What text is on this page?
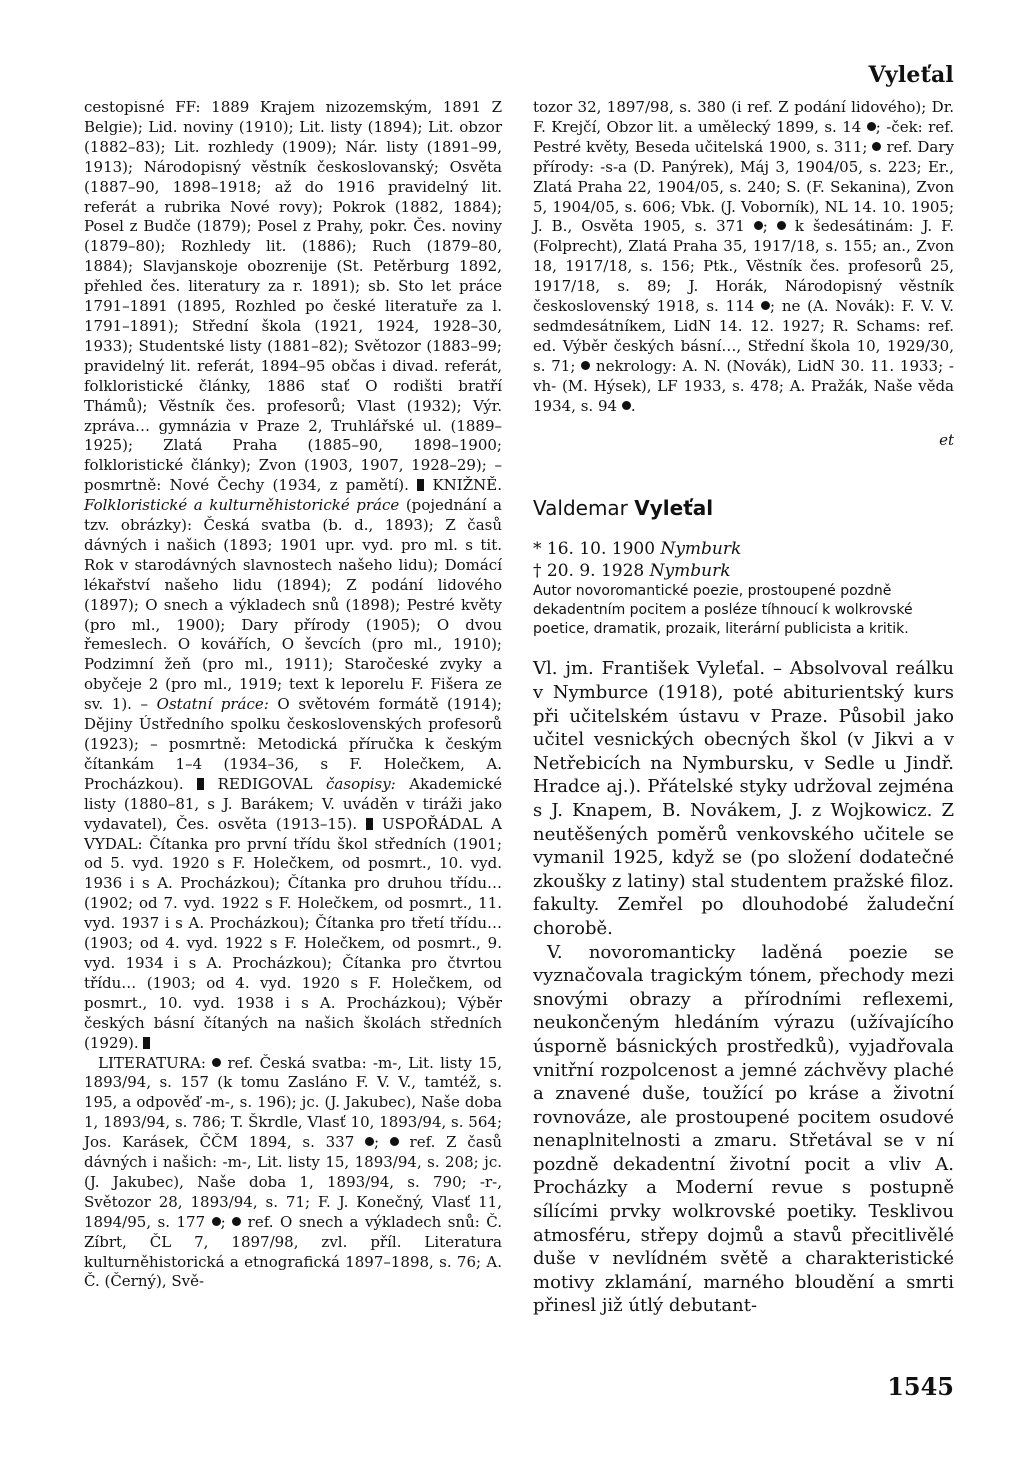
Vyleťal

cestopisné FF: 1889 Krajem nizozemským, 1891 Z Belgie); Lid. noviny (1910); Lit. listy (1894); Lit. obzor (1882–83); Lit. rozhledy (1909); Nár. listy (1891–99, 1913); Národopisný věstník českoslovanský; Osvěta (1887–90, 1898–1918; až do 1916 pravidelný lit. referát a rubrika Nové rovy); Pokrok (1882, 1884); Posel z Budče (1879); Posel z Prahy, pokr. Čes. noviny (1879–80); Rozhledy lit. (1886); Ruch (1879–80, 1884); Slavjanskoje obozrenije (St. Petěrburg 1892, přehled čes. literatury za r. 1891); sb. Sto let práce 1791–1891 (1895, Rozhled po české literatuře za l. 1791–1891); Střední škola (1921, 1924, 1928–30, 1933); Studentské listy (1881–82); Světozor (1883–99; pravidelný lit. referát, 1894–95 občas i divad. referát, folkloristické články, 1886 stať O rodišti bratří Thámů); Věstník čes. profesorů; Vlast (1932); Výr. zpráva… gymnázia v Praze 2, Truhlářské ul. (1889–1925); Zlatá Praha (1885–90, 1898–1900; folkloristické články); Zvon (1903, 1907, 1928–29); – posmrtně: Nové Čechy (1934, z pamětí). KNIŽNĚ. Folkloristické a kulturněhistorické práce (pojednání a tzv. obrázky): Česká svatba (b. d., 1893); Z časů dávných i našich (1893; 1901 upr. vyd. pro ml. s tit. Rok v starodávných slavnostech našeho lidu); Domácí lékařství našeho lidu (1894); Z podání lidového (1897); O snech a výkladech snů (1898); Pestré květy (pro ml., 1900); Dary přírody (1905); O dvou řemeslech. O kovářích, O ševcích (pro ml., 1910); Podzimní žeň (pro ml., 1911); Staročeské zvyky a obyčeje 2 (pro ml., 1919; text k leporelu F. Fišera ze sv. 1). – Ostatní práce: O světovém formátě (1914); Dějiny Ústředního spolku československých profesorů (1923); – posmrtně: Metodická příručka k českým čítankám 1–4 (1934–36, s F. Holečkem, A. Procházkou).  REDIGOVAL časopisy: Akademické listy (1880–81, s J. Barákem; V. uváděn v tiráži jako vydavatel), Čes. osvěta (1913–15).  USPOŘÁDAL A VYDAL: Čítanka pro první třídu škol středních (1901; od 5. vyd. 1920 s F. Holečkem, od posmrt., 10. vyd. 1936 i s A. Procházkou); Čítanka pro druhou třídu… (1902; od 7. vyd. 1922 s F. Holečkem, od posmrt., 11. vyd. 1937 i s A. Procházkou); Čítanka pro třetí třídu… (1903; od 4. vyd. 1922 s F. Holečkem, od posmrt., 9. vyd. 1934 i s A. Procházkou); Čítanka pro čtvrtou třídu… (1903; od 4. vyd. 1920 s F. Holečkem, od posmrt., 10. vyd. 1938 i s A. Procházkou); Výběr českých básní čítaných na našich školách středních (1929).

LITERATURA:  ref. Česká svatba: -m-, Lit. listy 15, 1893/94, s. 157 (k tomu Zasláno F. V. V., tamtéž, s. 195, a odpověď -m-, s. 196); jc. (J. Jakubec), Naše doba 1, 1893/94, s. 786; T. Škrdle, Vlasť 10, 1893/94, s. 564; Jos. Karásek, ČČM 1894, s. 337 ;  ref. Z časů dávných i našich: -m-, Lit. listy 15, 1893/94, s. 208; jc. (J. Jakubec), Naše doba 1, 1893/94, s. 790; -r-, Světozor 28, 1893/94, s. 71; F. J. Konečný, Vlasť 11, 1894/95, s. 177 ;  ref. O snech a výkladech snů: Č. Zíbrt, ČL 7, 1897/98, zvl. příl. Literatura kulturněhistorická a etnografická 1897–1898, s. 76; A. Č. (Černý), Svě-

tozor 32, 1897/98, s. 380 (i ref. Z podání lidového); Dr. F. Krejčí, Obzor lit. a umělecký 1899, s. 14 ; -ček: ref. Pestré květy, Beseda učitelská 1900, s. 311;  ref. Dary přírody: -s-a (D. Panýrek), Máj 3, 1904/05, s. 223; Er., Zlatá Praha 22, 1904/05, s. 240; S. (F. Sekanina), Zvon 5, 1904/05, s. 606; Vbk. (J. Voborník), NL 14. 10. 1905; J. B., Osvěta 1905, s. 371 ;  k šedesátinám: J. F. (Folprecht), Zlatá Praha 35, 1917/18, s. 155; an., Zvon 18, 1917/18, s. 156; Ptk., Věstník čes. profesorů 25, 1917/18, s. 89; J. Horák, Národopisný věstník československý 1918, s. 114 ; ne (A. Novák): F. V. V. sedmdesátníkem, LidN 14. 12. 1927; R. Schams: ref. ed. Výběr českých básní…, Střední škola 10, 1929/30, s. 71;  nekrology: A. N. (Novák), LidN 30. 11. 1933; -vh- (M. Hýsek), LF 1933, s. 478; A. Pražák, Naše věda 1934, s. 94 .

et

Valdemar Vyleťal
* 16. 10. 1900 Nymburk
† 20. 9. 1928 Nymburk

Autor novoromantické poezie, prostoupené pozdně dekadentním pocitem a posléze tíhnoucí k wolkrovské poetice, dramatik, prozaik, literární publicista a kritik.

Vl. jm. František Vyleťal. – Absolvoval reálku v Nymburce (1918), poté abiturientský kurs při učitelském ústavu v Praze. Působil jako učitel vesnických obecných škol (v Jikvi a v Netřebicích na Nymbursku, v Sedle u Jindř. Hradce aj.). Přátelské styky udržoval zejména s J. Knapem, B. Novákem, J. z Wojkowicz. Z neutěšených poměrů venkovského učitele se vymanil 1925, když se (po složení dodatečné zkoušky z latiny) stal studentem pražské filoz. fakulty. Zemřel po dlouhodobé žaludeční chorobě.

V. novoromanticky laděná poezie se vyznačovala tragickým tónem, přechody mezi snovými obrazy a přírodními reflexemi, neukončeným hledáním výrazu (užívajícího úsporně básnických prostředků), vyjadřovala vnitřní rozpolcenost a jemné záchvěvy plaché a znavené duše, toužící po kráse a životní rovnováze, ale prostoupené pocitem osudové nenaplnitelnosti a zmaru. Střetával se v ní pozdně dekadentní životní pocit a vliv A. Procházky a Moderní revue s postupně sílícími prvky wolkrovské poetiky. Tesklivou atmosféru, střepy dojmů a stavů přecitlivělé duše v nevlídném světě a charakteristické motivy zklamání, marného bloudění a smrti přinesl již útlý debutant-

1545
